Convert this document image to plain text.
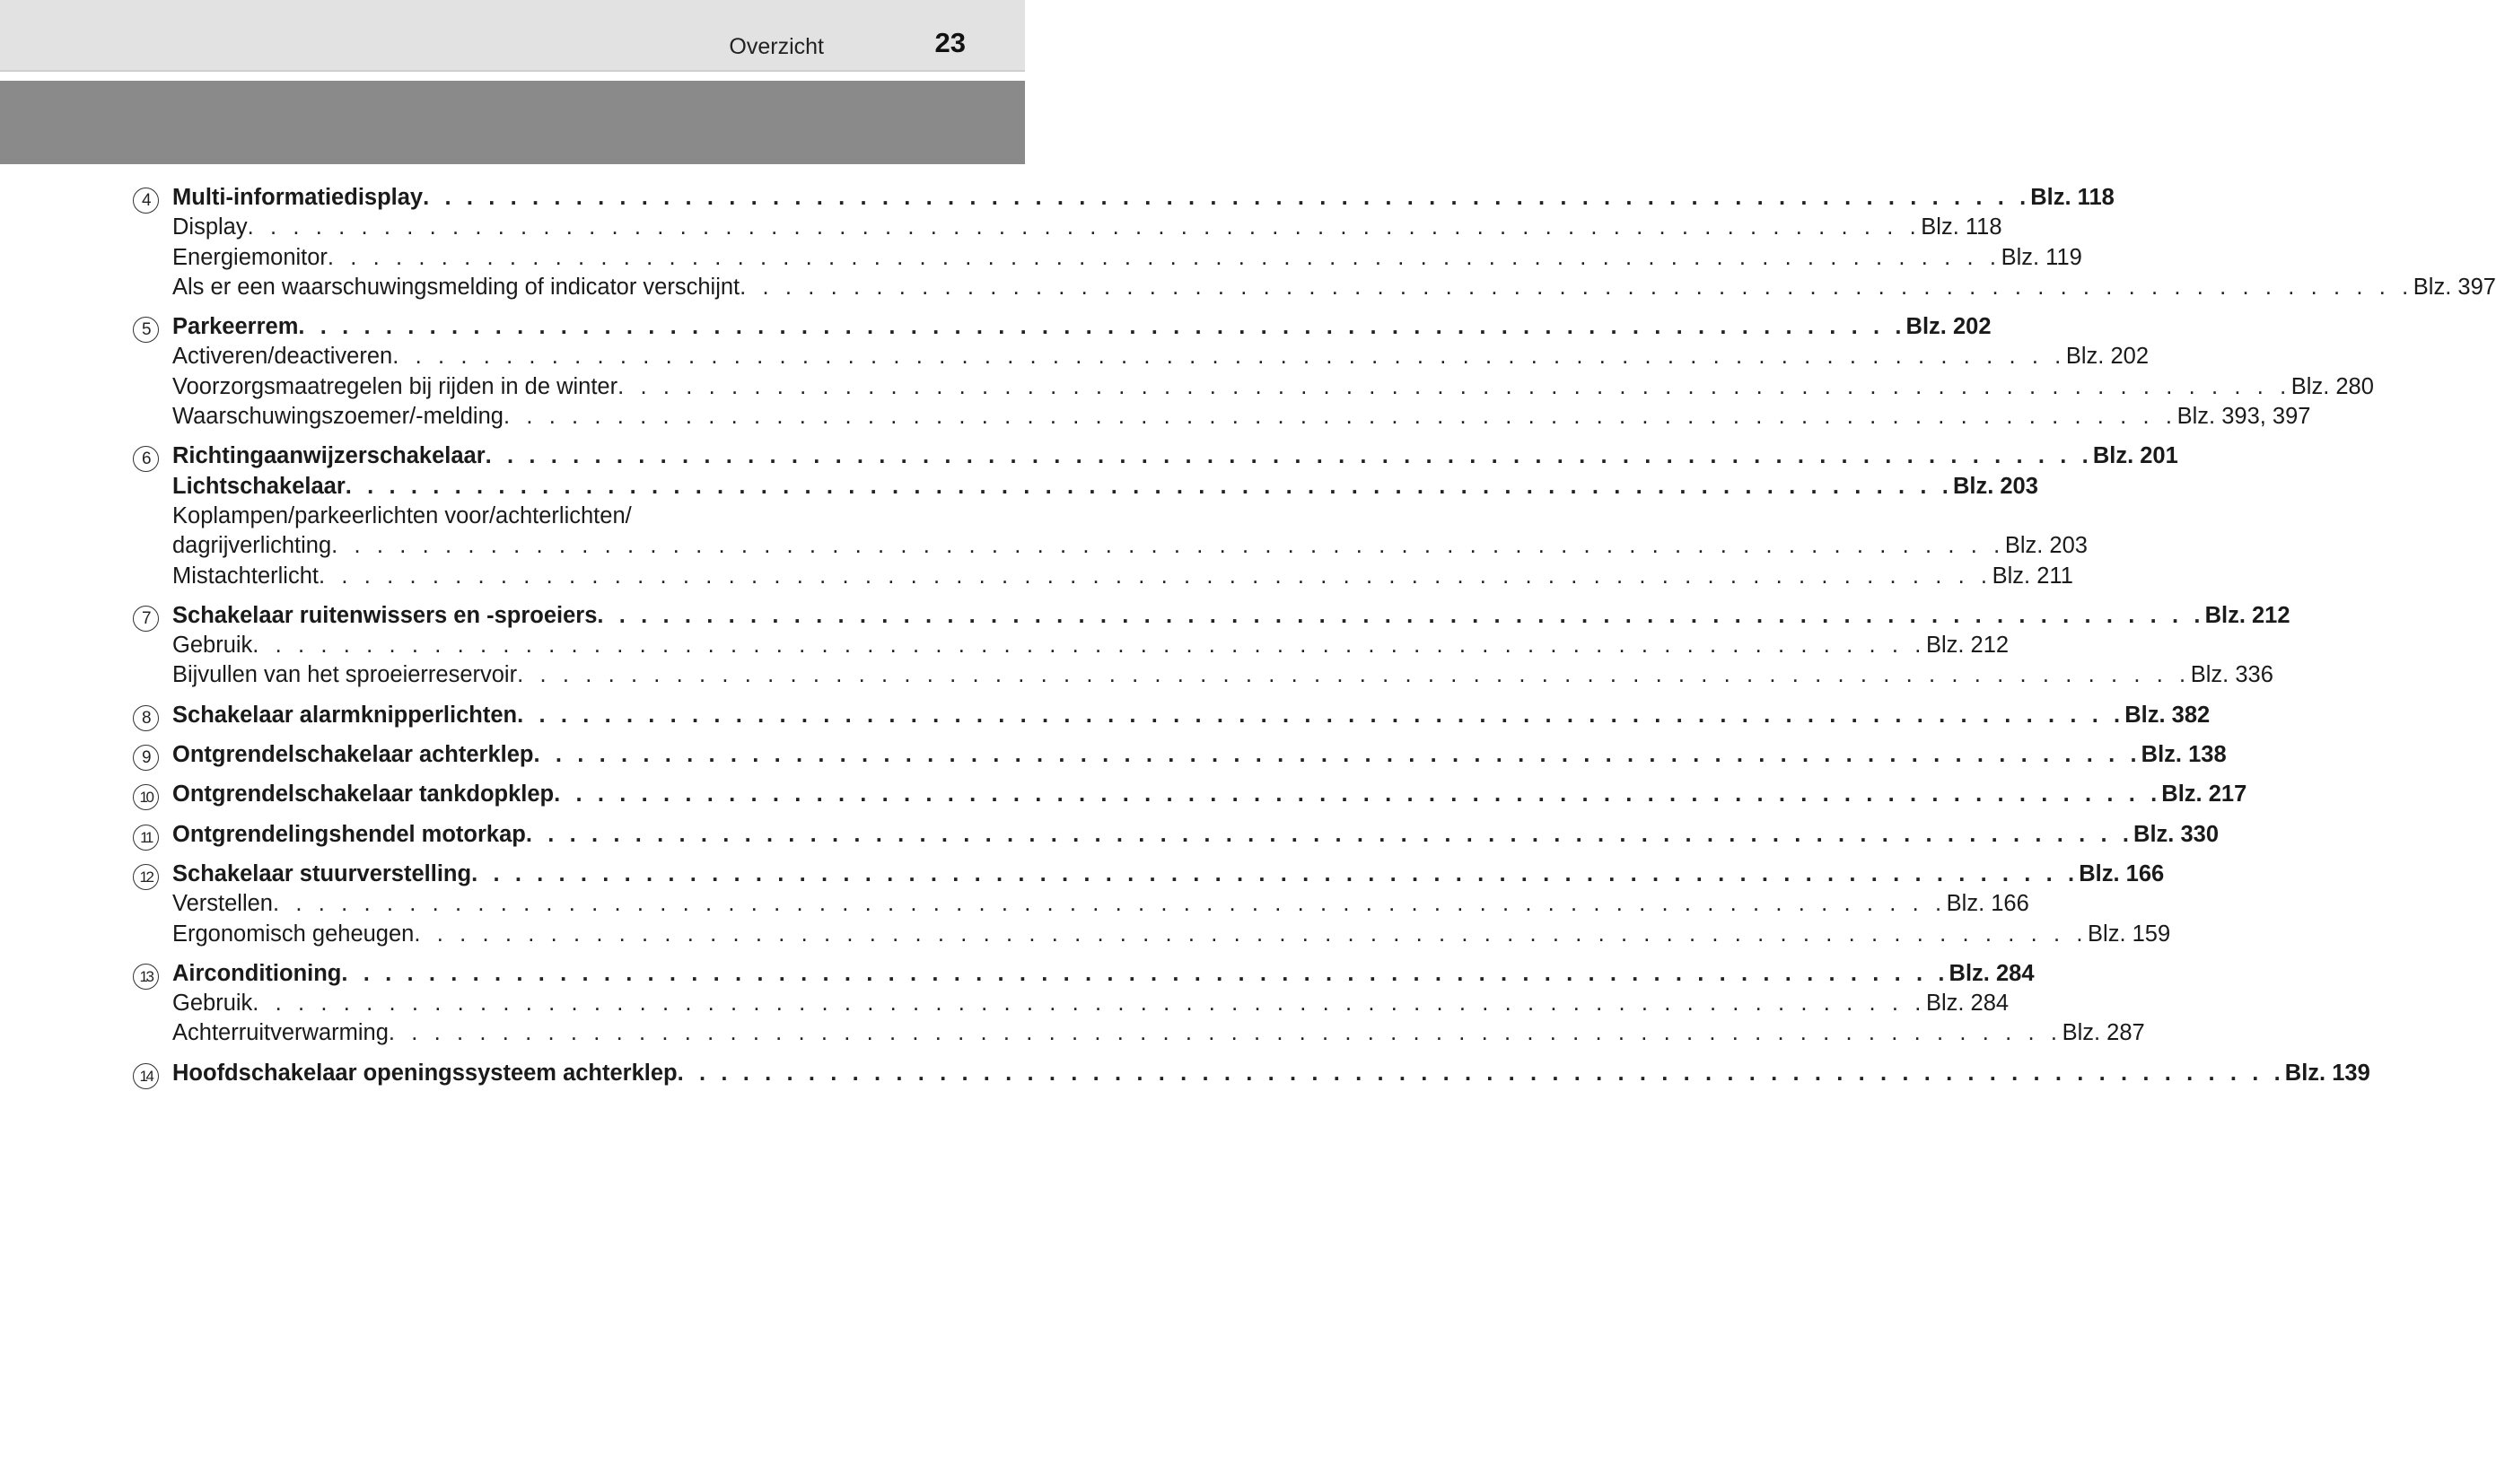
Overzicht	23
4 Multi-informatiedisplay . . . . . . . . . . . . . . . . . . . . . . . . . . . . . . . . . . . . . . . . . . . . . . . . . . . . . . . . . . . . . . . . . . . . . . . . . . Blz. 118
Display . . . . . . . . . . . . . . . . . . . . . . . . . . . . . . . . . . . . . . . . . . . . . . . . . . . . . . . . . . . . . . . . . . . . . . . . . . Blz. 118
Energiemonitor . . . . . . . . . . . . . . . . . . . . . . . . . . . . . . . . . . . . . . . . . . . . . . . . . . . . . . . . . . . . . . . . . . . . . . . . . . Blz. 119
Als er een waarschuwingsmelding of indicator verschijnt . . . . . . . . . . . . . . . . . . . . . . . . . . . . . . . . . . . . . . . . . . . . . . . . . . . . . . . . . . . . . . . . . . . . . . . . . . Blz. 397
5 Parkeerrem . . . . . . . . . . . . . . . . . . . . . . . . . . . . . . . . . . . . . . . . . . . . . . . . . . . . . . . . . . . . . . . . . . . . . . . . . . Blz. 202
Activeren/deactiveren . . . . . . . . . . . . . . . . . . . . . . . . . . . . . . . . . . . . . . . . . . . . . . . . . . . . . . . . . . . . . . . . . . . . . . . . . . Blz. 202
Voorzorgsmaatregelen bij rijden in de winter . . . . . . . . . . . . . . . . . . . . . . . . . . . . . . . . . . . . . . . . . . . . . . . . . . . . . . . . . . . . . . . . . . . . . . . . . . Blz. 280
Waarschuwingszoemer/-melding . . . . . . . . . . . . . . . . . . . . . . . . . . . . . . . . . . . . . . . . . . . . . . . . . . . . . . . . . . . . . . . . . . . . . . . . . . Blz. 393, 397
6 Richtingaanwijzerschakelaar . . . . . . . . . . . . . . . . . . . . . . . . . . . . . . . . . . . . . . . . . . . . . . . . . . . . . . . . . . . . . . . . . . . . . . . . . . Blz. 201
Lichtschakelaar . . . . . . . . . . . . . . . . . . . . . . . . . . . . . . . . . . . . . . . . . . . . . . . . . . . . . . . . . . . . . . . . . . . . . . . . . . Blz. 203
Koplampen/parkeerlichten voor/achterlichten/
dagrijverlichting . . . . . . . . . . . . . . . . . . . . . . . . . . . . . . . . . . . . . . . . . . . . . . . . . . . . . . . . . . . . . . . . . . . . . . . . . . Blz. 203
Mistachterlicht . . . . . . . . . . . . . . . . . . . . . . . . . . . . . . . . . . . . . . . . . . . . . . . . . . . . . . . . . . . . . . . . . . . . . . . . . . Blz. 211
7 Schakelaar ruitenwissers en -sproeiers . . . . . . . . . . . . . . . . . . . . . . . . . . . . . . . . . . . . . . . . . . . . . . . . . . . . . . . . . . . . . . . . . . . . . . . . . . Blz. 212
Gebruik . . . . . . . . . . . . . . . . . . . . . . . . . . . . . . . . . . . . . . . . . . . . . . . . . . . . . . . . . . . . . . . . . . . . . . . . . . Blz. 212
Bijvullen van het sproeierreservoir . . . . . . . . . . . . . . . . . . . . . . . . . . . . . . . . . . . . . . . . . . . . . . . . . . . . . . . . . . . . . . . . . . . . . . . . . . Blz. 336
8 Schakelaar alarmknipperlichten . . . . . . . . . . . . . . . . . . . . . . . . . . . . . . . . . . . . . . . . . . . . . . . . . . . . . . . . . . . . . . . . . . . . . . . . . . Blz. 382
9 Ontgrendelschakelaar achterklep . . . . . . . . . . . . . . . . . . . . . . . . . . . . . . . . . . . . . . . . . . . . . . . . . . . . . . . . . . . . . . . . . . . . . . . . . . Blz. 138
10 Ontgrendelschakelaar tankdopklep . . . . . . . . . . . . . . . . . . . . . . . . . . . . . . . . . . . . . . . . . . . . . . . . . . . . . . . . . . . . . . . . . . . . . . . . . . Blz. 217
11 Ontgrendelingshendel motorkap . . . . . . . . . . . . . . . . . . . . . . . . . . . . . . . . . . . . . . . . . . . . . . . . . . . . . . . . . . . . . . . . . . . . . . . . . . Blz. 330
12 Schakelaar stuurverstelling . . . . . . . . . . . . . . . . . . . . . . . . . . . . . . . . . . . . . . . . . . . . . . . . . . . . . . . . . . . . . . . . . . . . . . . . . . Blz. 166
Verstellen . . . . . . . . . . . . . . . . . . . . . . . . . . . . . . . . . . . . . . . . . . . . . . . . . . . . . . . . . . . . . . . . . . . . . . . . . . Blz. 166
Ergonomisch geheugen . . . . . . . . . . . . . . . . . . . . . . . . . . . . . . . . . . . . . . . . . . . . . . . . . . . . . . . . . . . . . . . . . . . . . . . . . . Blz. 159
13 Airconditioning . . . . . . . . . . . . . . . . . . . . . . . . . . . . . . . . . . . . . . . . . . . . . . . . . . . . . . . . . . . . . . . . . . . . . . . . . . Blz. 284
Gebruik . . . . . . . . . . . . . . . . . . . . . . . . . . . . . . . . . . . . . . . . . . . . . . . . . . . . . . . . . . . . . . . . . . . . . . . . . . Blz. 284
Achterruitverwarming . . . . . . . . . . . . . . . . . . . . . . . . . . . . . . . . . . . . . . . . . . . . . . . . . . . . . . . . . . . . . . . . . . . . . . . . . . Blz. 287
14 Hoofdschakelaar openingssysteem achterklep . . . . . . . . . . . . . . . . . . . . . . . . . . . . . . . . . . . . . . . . . . . . . . . . . . . . . . . . . . . . . . . . . . . . . . . . . . Blz. 139
